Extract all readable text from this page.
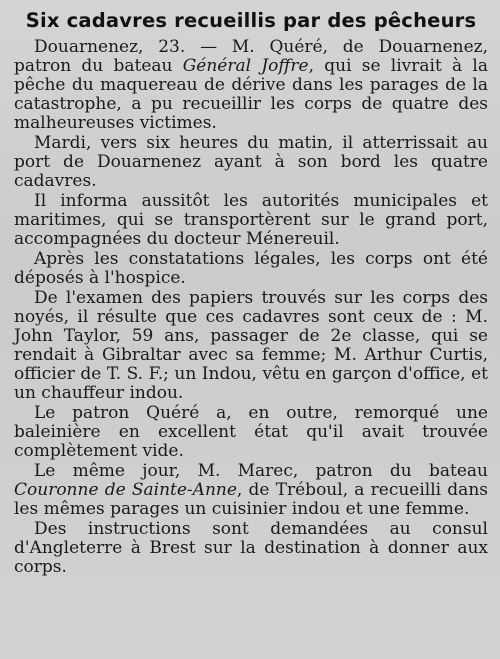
Six cadavres recueillis par des pêcheurs

Douarnenez, 23. — M. Quéré, de Douarnenez, patron du bateau Général Joffre, qui se livrait à la pêche du maquereau de dérive dans les parages de la catastrophe, a pu recueillir les corps de quatre des malheureuses victimes.

Mardi, vers six heures du matin, il atterrissait au port de Douarnenez ayant à son bord les quatre cadavres.

Il informa aussitôt les autorités municipales et maritimes, qui se transportèrent sur le grand port, accompagnées du docteur Ménereuil.

Après les constatations légales, les corps ont été déposés à l'hospice.

De l'examen des papiers trouvés sur les corps des noyés, il résulte que ces cadavres sont ceux de : M. John Taylor, 59 ans, passager de 2e classe, qui se rendait à Gibraltar avec sa femme; M. Arthur Curtis, officier de T. S. F.; un Indou, vêtu en garçon d'office, et un chauffeur indou.

Le patron Quéré a, en outre, remorqué une baleinière en excellent état qu'il avait trouvée complètement vide.

Le même jour, M. Marec, patron du bateau Couronne de Sainte-Anne, de Tréboul, a recueilli dans les mêmes parages un cuisinier indou et une femme.

Des instructions sont demandées au consul d'Angleterre à Brest sur la destination à donner aux corps.
